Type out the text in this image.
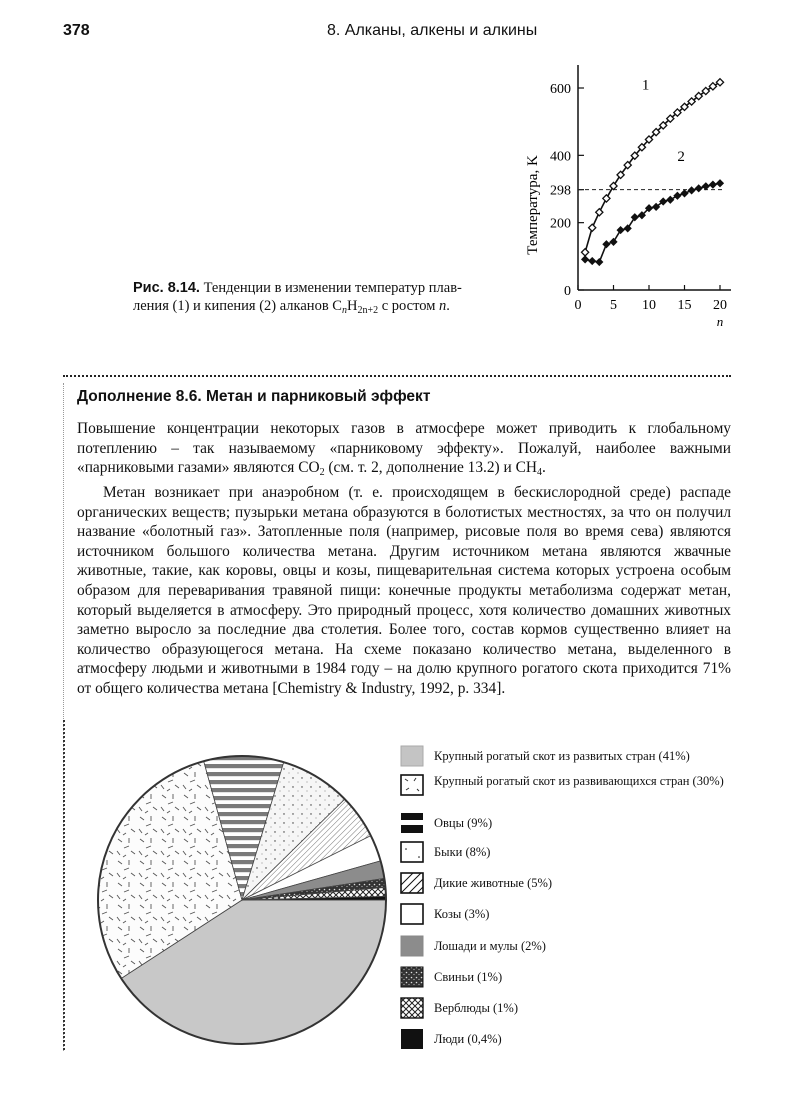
378	8. Алканы, алкены и алкины
0
200
298
400
600
0 5 10 15 20
n
1
2
Температура, K
Рис. 8.14. Тенденции в изменении температур плав-
ления (1) и кипения (2) алканов $C_nH_{2n+2}$ с ростом n.
Дополнение 8.6. Метан и парниковый эффект
Повышение концентрации некоторых газов в атмосфере может приводить к глобальному потеплению – так называемому «парниковому эффекту». Пожалуй, наиболее важными «парниковыми газами» являются $CO_2$ (см. т. 2, дополнение 13.2) и $CH_4$.
Метан возникает при анаэробном (т. е. происходящем в бескислородной среде) распаде органических веществ; пузырьки метана образуются в болотистых местностях, за что он получил название «болотный газ». Затопленные поля (например, рисовые поля во время сева) являются источником большого количества метана. Другим источником метана являются жвачные животные, такие, как коровы, овцы и козы, пищеварительная система которых устроена особым образом для переваривания травяной пищи: конечные продукты метаболизма содержат метан, который выделяется в атмосферу. Это природный процесс, хотя количество домашних животных заметно выросло за последние два столетия. Более того, состав кормов существенно влияет на количество образующегося метана. На схеме показано количество метана, выделенного в атмосферу людьми и животными в 1984 году – на долю крупного рогатого скота приходится 71% от общего количества метана [Chemistry & Industry, 1992, p. 334].
Крупный рогатый скот из развитых стран (41%)
Крупный рогатый скот из развивающихся стран (30%)
Овцы (9%)
Быки (8%)
Дикие животные (5%)
Козы (3%)
Лошади и мулы (2%)
Свиньи (1%)
Верблюды (1%)
Люди (0,4%)
